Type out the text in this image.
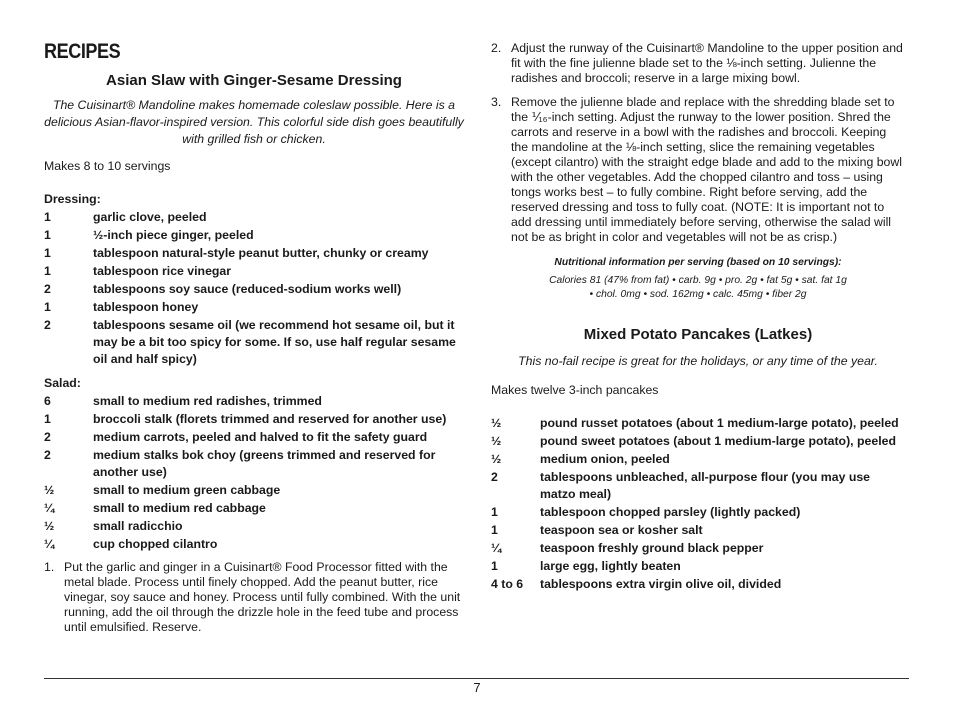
RECIPES
Asian Slaw with Ginger-Sesame Dressing
The Cuisinart® Mandoline makes homemade coleslaw possible. Here is a delicious Asian-flavor-inspired version. This colorful side dish goes beautifully with grilled fish or chicken.
Makes 8 to 10 servings
Dressing:
1	garlic clove, peeled
1	½-inch piece ginger, peeled
1	tablespoon natural-style peanut butter, chunky or creamy
1	tablespoon rice vinegar
2	tablespoons soy sauce (reduced-sodium works well)
1	tablespoon honey
2	tablespoons sesame oil (we recommend hot sesame oil, but it may be a bit too spicy for some. If so, use half regular sesame oil and half spicy)
Salad:
6	small to medium red radishes, trimmed
1	broccoli stalk (florets trimmed and reserved for another use)
2	medium carrots, peeled and halved to fit the safety guard
2	medium stalks bok choy (greens trimmed and reserved for another use)
½	small to medium green cabbage
¼	small to medium red cabbage
½	small radicchio
¼	cup chopped cilantro
1. Put the garlic and ginger in a Cuisinart® Food Processor fitted with the metal blade. Process until finely chopped. Add the peanut butter, rice vinegar, soy sauce and honey. Process until fully combined. With the unit running, add the oil through the drizzle hole in the feed tube and process until emulsified. Reserve.
2. Adjust the runway of the Cuisinart® Mandoline to the upper position and fit with the fine julienne blade set to the ⅛-inch setting. Julienne the radishes and broccoli; reserve in a large mixing bowl.
3. Remove the julienne blade and replace with the shredding blade set to the ⅟₁₆-inch setting. Adjust the runway to the lower position. Shred the carrots and reserve in a bowl with the radishes and broccoli. Keeping the mandoline at the ⅛-inch setting, slice the remaining vegetables (except cilantro) with the straight edge blade and add to the mixing bowl with the other vegetables. Add the chopped cilantro and toss – using tongs works best – to fully combine. Right before serving, add the reserved dressing and toss to fully coat. (NOTE: It is important not to add dressing until immediately before serving, otherwise the salad will not be as bright in color and vegetables will not be as crisp.)
Nutritional information per serving (based on 10 servings):
Calories 81 (47% from fat) • carb. 9g • pro. 2g • fat 5g • sat. fat 1g
• chol. 0mg • sod. 162mg • calc. 45mg • fiber 2g
Mixed Potato Pancakes (Latkes)
This no-fail recipe is great for the holidays, or any time of the year.
Makes twelve 3-inch pancakes
½	pound russet potatoes (about 1 medium-large potato), peeled
½	pound sweet potatoes (about 1 medium-large potato), peeled
½	medium onion, peeled
2	tablespoons unbleached, all-purpose flour (you may use matzo meal)
1	tablespoon chopped parsley (lightly packed)
1	teaspoon sea or kosher salt
¼	teaspoon freshly ground black pepper
1	large egg, lightly beaten
4 to 6	tablespoons extra virgin olive oil, divided
7
